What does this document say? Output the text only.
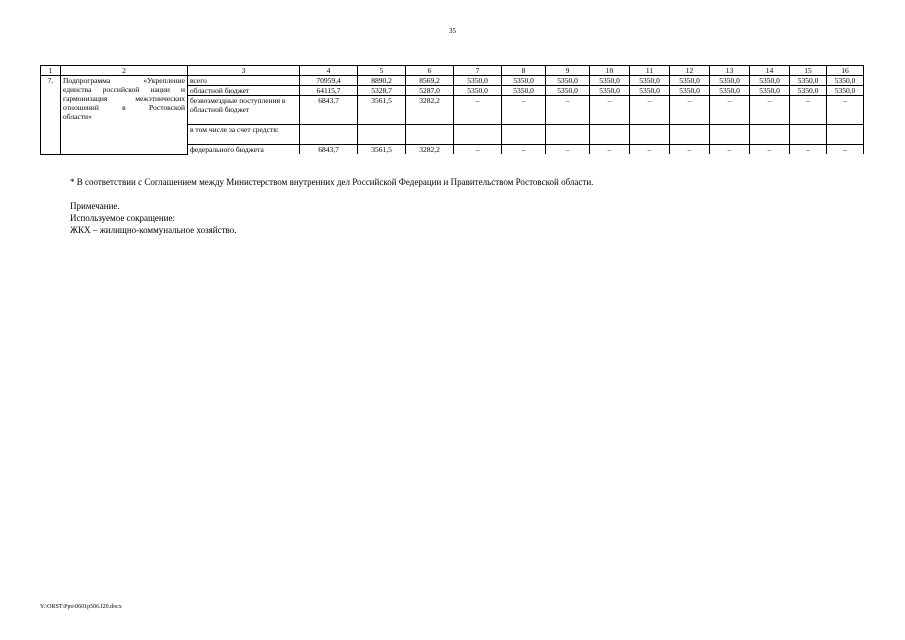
35
1	2	3	4	5	6	7	8	9	10	11	12	13	14	15	16
7.	Подпрограмма «Укрепление
единства российской нации и
гармонизация межэтнических
отношений в Ростовской
области»	всего	70959,4	8890,2	8569,2	5350,0	5350,0	5350,0	5350,0	5350,0	5350,0	5350,0	5350,0	5350,0	5350,0
		областной бюджет	64115,7	5328,7	5287,0	5350,0	5350,0	5350,0	5350,0	5350,0	5350,0	5350,0	5350,0	5350,0	5350,0
		безвозмездные поступления в областной бюджет	6843,7	3561,5	3282,2	–	–	–	–	–	–	–	–	–	–
		в том числе за счет средств:													
		федерального бюджета	6843,7	3561,5	3282,2	–	–	–	–	–	–	–	–	–	–

* В соответствии с Соглашением между Министерством внутренних дел Российской Федерации и Правительством Ростовской области.

Примечание.

Используемое сокращение:

ЖКХ – жилищно-коммунальное хозяйство.

Y:\ORST\Ppo\0601p506.f20.docx
